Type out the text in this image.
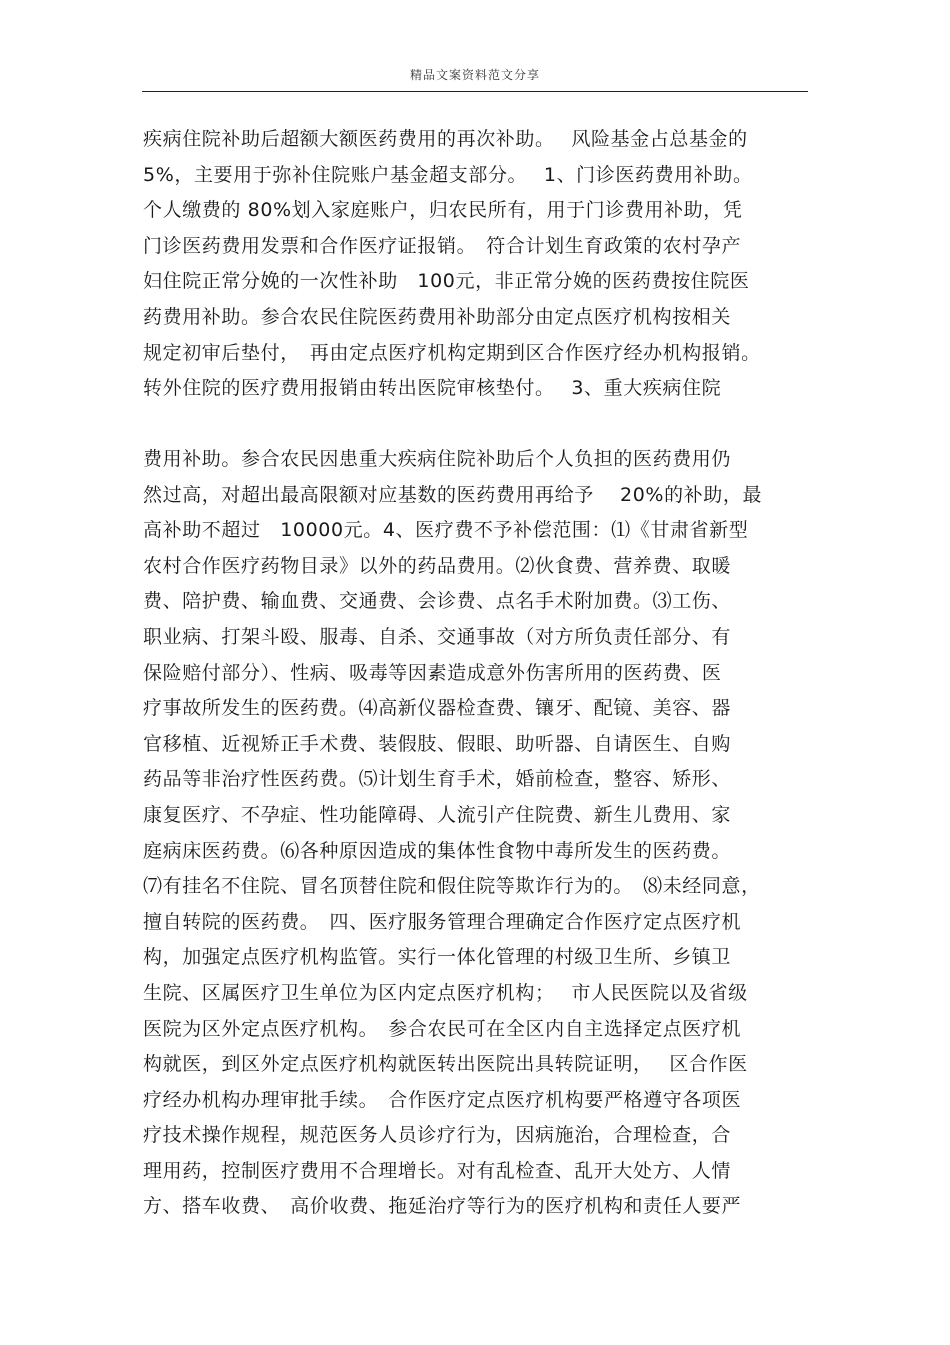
精品文案资料范文分享
疾病住院补助后超额大额医药费用的再次补助。　 风险基金占总基金的
5%，主要用于弥补住院账户基金超支部分。　 1、门诊医药费用补助。
个人缴费的 80%划入家庭账户，归农民所有，用于门诊费用补助，凭
门诊医药费用发票和合作医疗证报销。　符合计划生育政策的农村孕产
妇住院正常分娩的一次性补助　100元，非正常分娩的医药费按住院医
药费用补助。参合农民住院医药费用补助部分由定点医疗机构按相关
规定初审后垫付，　再由定点医疗机构定期到区合作医疗经办机构报销。
转外住院的医疗费用报销由转出医院审核垫付。　 3、重大疾病住院
费用补助。参合农民因患重大疾病住院补助后个人负担的医药费用仍
然过高，对超出最高限额对应基数的医药费用再给予　 20%的补助，最
高补助不超过　10000元。4、医疗费不予补偿范围：⑴《甘肃省新型
农村合作医疗药物目录》以外的药品费用。⑵伙食费、营养费、取暖
费、陪护费、输血费、交通费、会诊费、点名手术附加费。⑶工伤、
职业病、打架斗殴、服毒、自杀、交通事故（对方所负责任部分、有
保险赔付部分）、性病、吸毒等因素造成意外伤害所用的医药费、医
疗事故所发生的医药费。⑷高新仪器检查费、镶牙、配镜、美容、器
官移植、近视矫正手术费、装假肢、假眼、助听器、自请医生、自购
药品等非治疗性医药费。⑸计划生育手术，婚前检查，整容、矫形、
康复医疗、不孕症、性功能障碍、人流引产住院费、新生儿费用、家
庭病床医药费。⑹各种原因造成的集体性食物中毒所发生的医药费。
⑺有挂名不住院、冒名顶替住院和假住院等欺诈行为的。　⑻未经同意，
擅自转院的医药费。　四、医疗服务管理合理确定合作医疗定点医疗机
构，加强定点医疗机构监管。实行一体化管理的村级卫生所、乡镇卫
生院、区属医疗卫生单位为区内定点医疗机构；　 市人民医院以及省级
医院为区外定点医疗机构。　参合农民可在全区内自主选择定点医疗机
构就医，到区外定点医疗机构就医转出医院出具转院证明，　 区合作医
疗经办机构办理审批手续。　合作医疗定点医疗机构要严格遵守各项医
疗技术操作规程，规范医务人员诊疗行为，因病施治，合理检查，合
理用药，控制医疗费用不合理增长。对有乱检查、乱开大处方、人情
方、搭车收费、　高价收费、拖延治疗等行为的医疗机构和责任人要严
